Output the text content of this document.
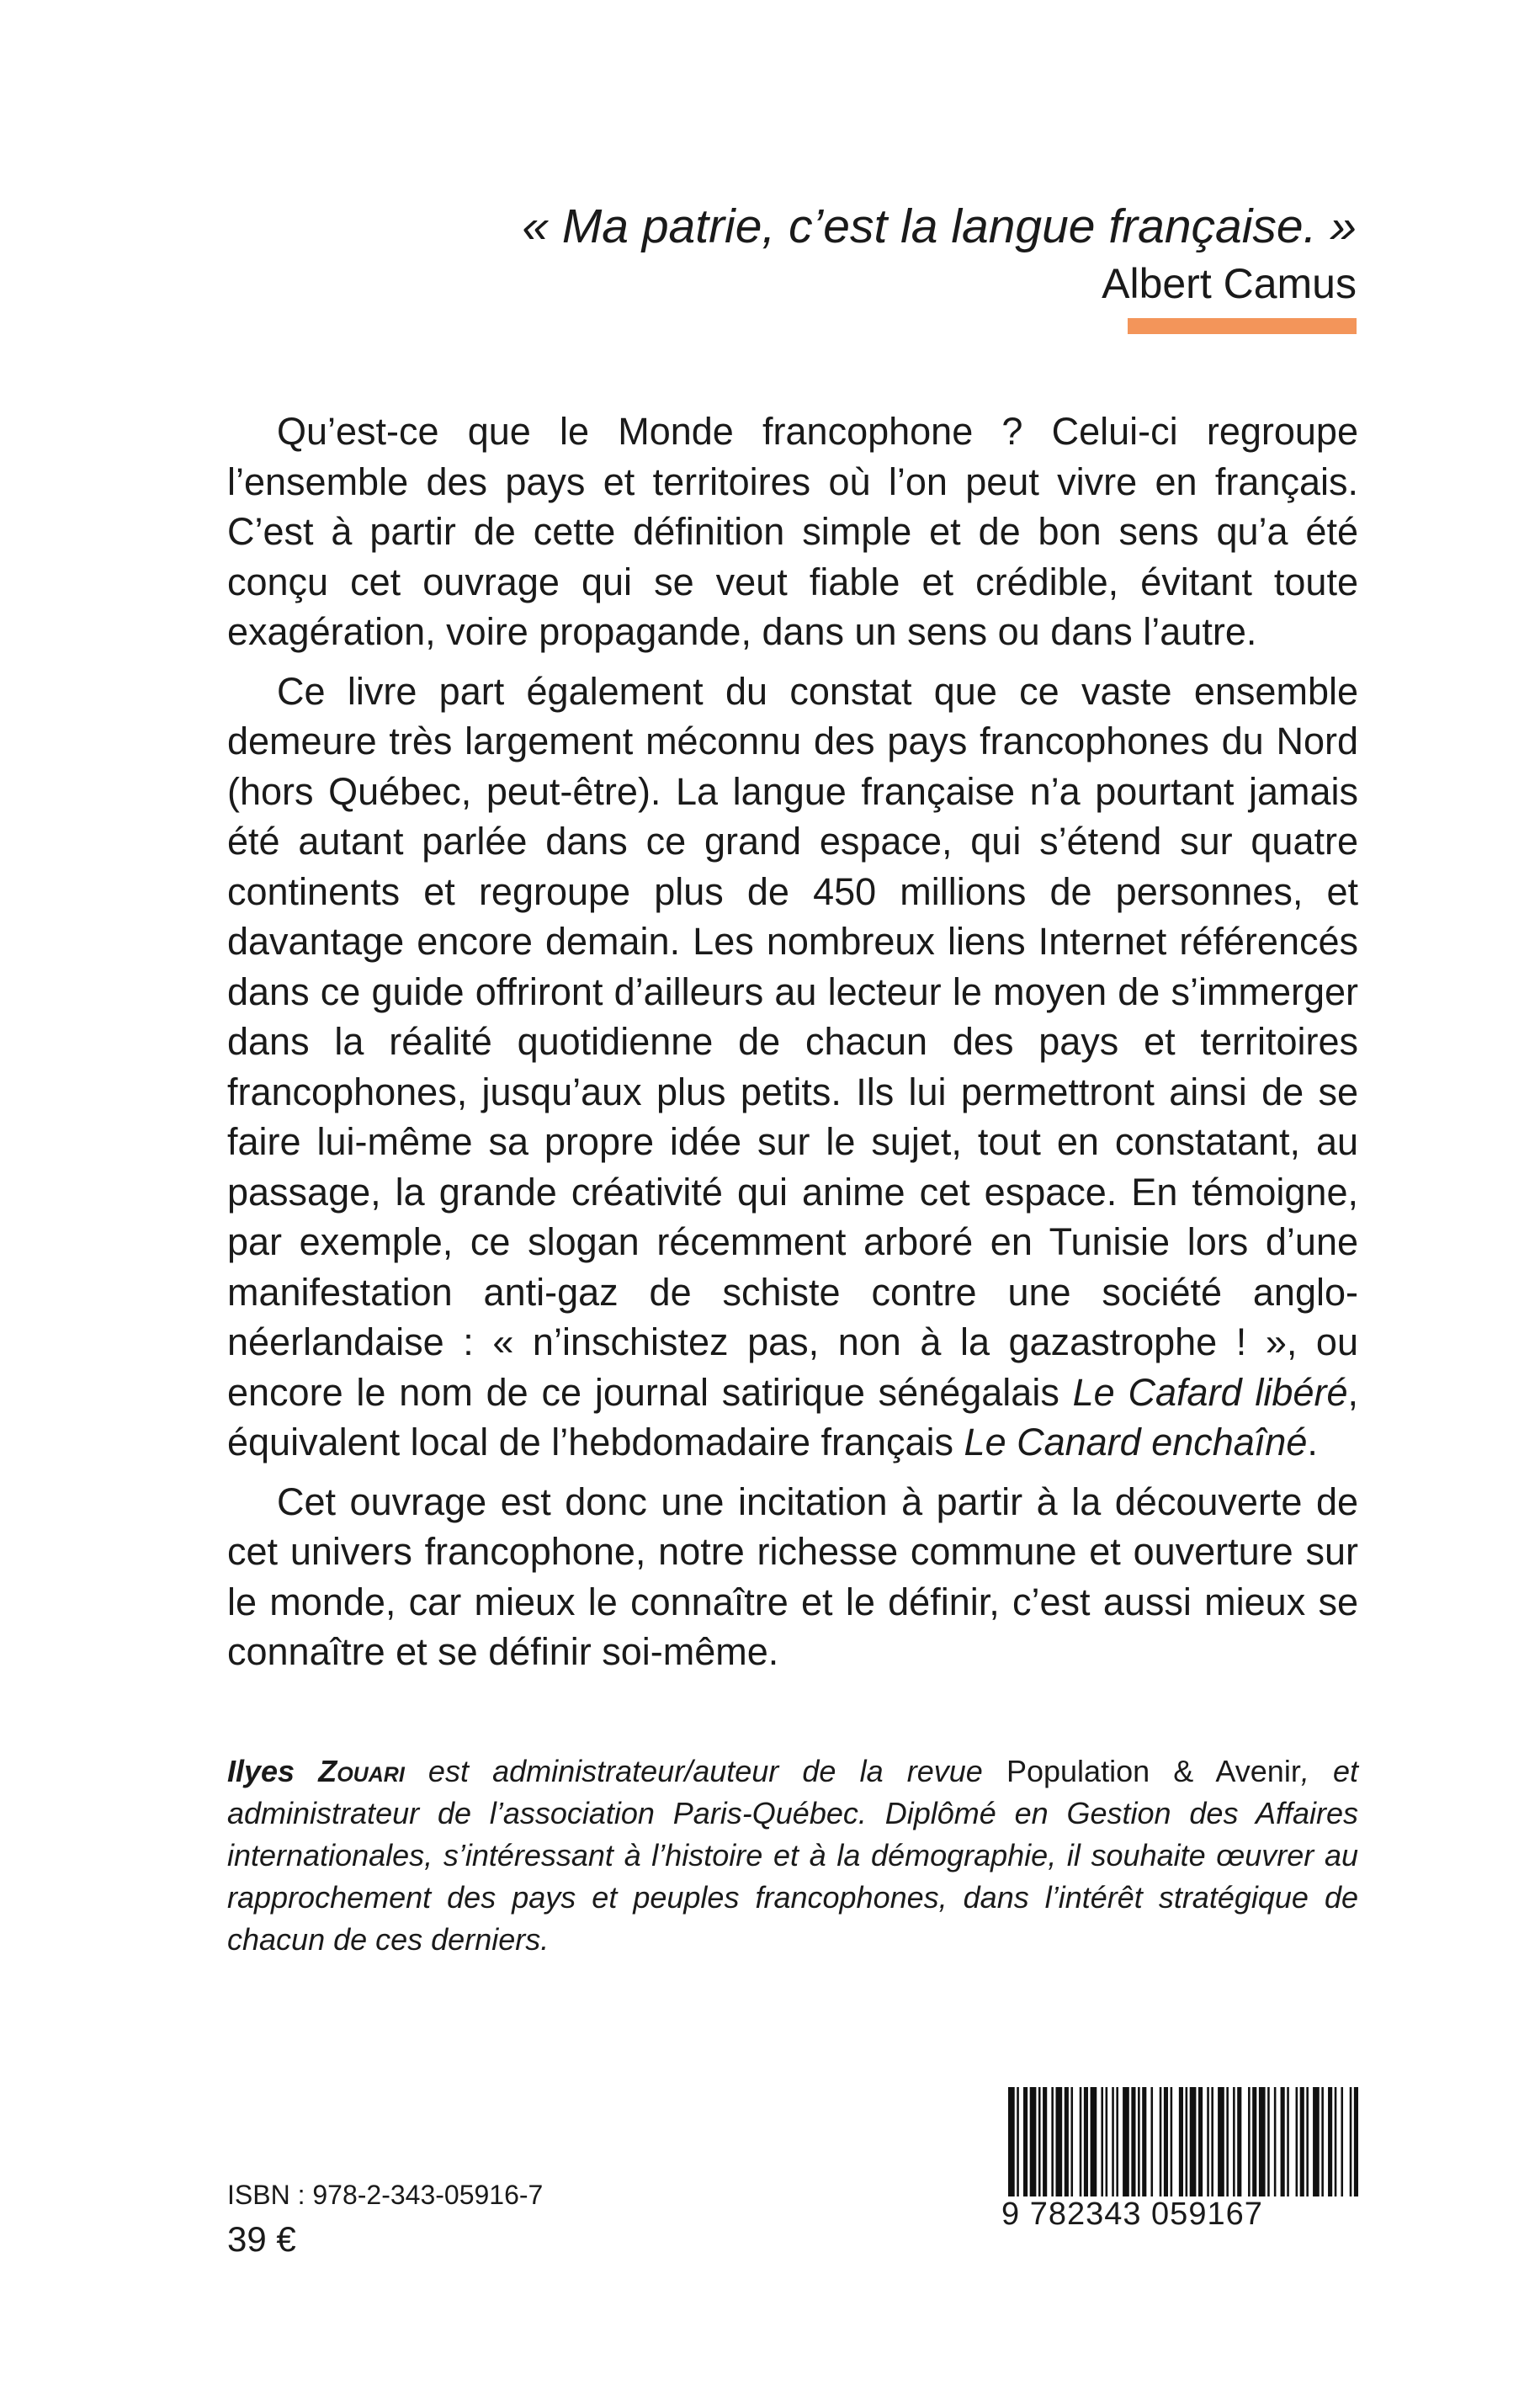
« Ma patrie, c’est la langue française. »
Albert Camus

Qu’est-ce que le Monde francophone ? Celui-ci regroupe l’ensemble des pays et territoires où l’on peut vivre en français. C’est à partir de cette définition simple et de bon sens qu’a été conçu cet ouvrage qui se veut fiable et crédible, évitant toute exagération, voire propagande, dans un sens ou dans l’autre.

Ce livre part également du constat que ce vaste ensemble demeure très largement méconnu des pays francophones du Nord (hors Québec, peut-être). La langue française n’a pourtant jamais été autant parlée dans ce grand espace, qui s’étend sur quatre continents et regroupe plus de 450 millions de personnes, et davantage encore demain. Les nombreux liens Internet référencés dans ce guide offriront d’ailleurs au lecteur le moyen de s’immerger dans la réalité quotidienne de chacun des pays et territoires francophones, jusqu’aux plus petits. Ils lui permettront ainsi de se faire lui-même sa propre idée sur le sujet, tout en constatant, au passage, la grande créativité qui anime cet espace. En témoigne, par exemple, ce slogan récemment arboré en Tunisie lors d’une manifestation anti-gaz de schiste contre une société anglo-néerlandaise : « n’inschistez pas, non à la gazastrophe ! », ou encore le nom de ce journal satirique sénégalais Le Cafard libéré, équivalent local de l’hebdomadaire français Le Canard enchaîné.

Cet ouvrage est donc une incitation à partir à la découverte de cet univers francophone, notre richesse commune et ouverture sur le monde, car mieux le connaître et le définir, c’est aussi mieux se connaître et se définir soi-même.

Ilyes Zouari est administrateur/auteur de la revue Population & Avenir, et administrateur de l’association Paris-Québec. Diplômé en Gestion des Affaires internationales, s’intéressant à l’histoire et à la démographie, il souhaite œuvrer au rapprochement des pays et peuples francophones, dans l’intérêt stratégique de chacun de ces derniers.
ISBN : 978-2-343-05916-7
39 €
9 782343 059167
